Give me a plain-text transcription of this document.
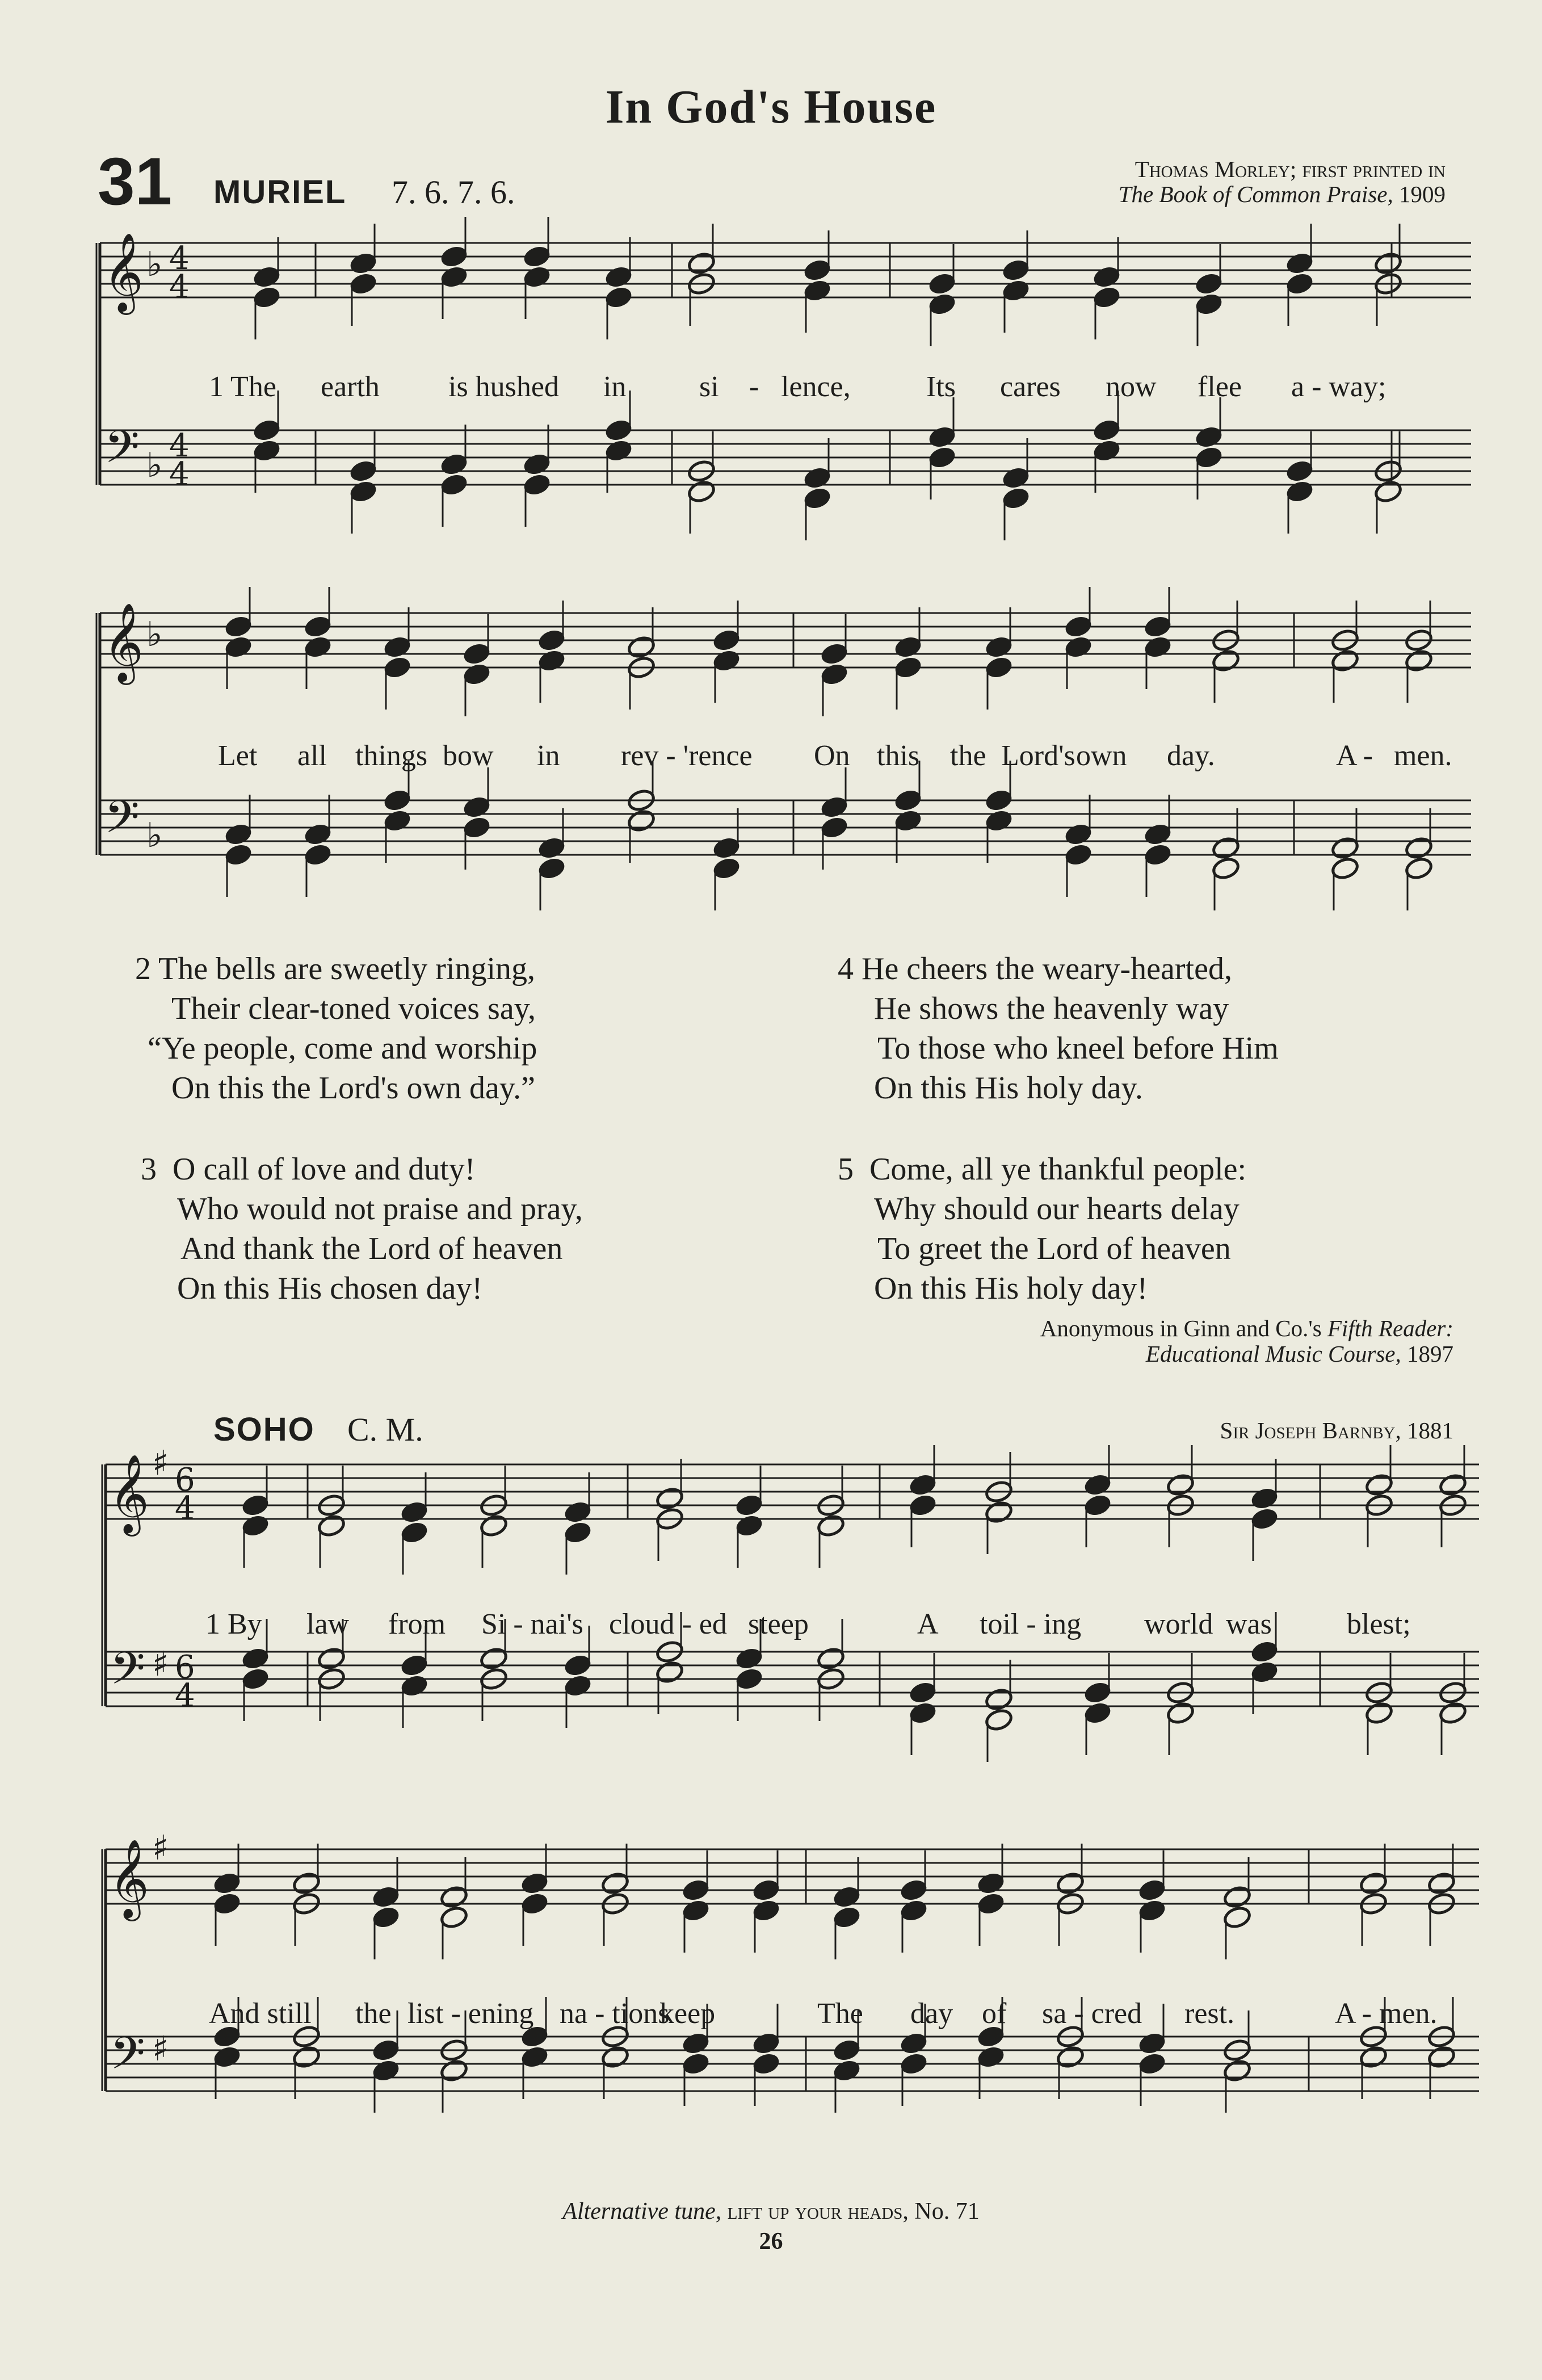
In God's House
31 MURIEL 7. 6. 7. 6.
Thomas Morley; first printed in
The Book of Common Praise, 1909
𝄞
𝄢
♭
♭
4
4
4
4
𝄞
𝄢
♭
♭
𝄞
𝄢
♯
♯
6
4
6
4
𝄞
𝄢
♯
♯
1 The earth is hushed in si - lence,	Its cares now flee a - way;
Let all things bow in rev - 'rence On this the Lord's own day.	A - men.
2 The bells are sweetly ringing,
Their clear-toned voices say,
“Ye people, come and worship
On this the Lord's own day.”
3  O call of love and duty!
Who would not praise and pray,
And thank the Lord of heaven
On this His chosen day!
4 He cheers the weary-hearted,
He shows the heavenly way
To those who kneel before Him
On this His holy day.
5  Come, all ye thankful people:
Why should our hearts delay
To greet the Lord of heaven
On this His holy day!
Anonymous in Ginn and Co.'s Fifth Reader:
Educational Music Course, 1897
SOHO C. M.	Sir Joseph Barnby, 1881
1 By law from Si - nai's cloud - ed steep	A toil - ing world was	blest;
And still the list - ening na - tions
keep	The day of sa - cred rest.	A - men.
Alternative tune, lift up your heads, No. 71
26
